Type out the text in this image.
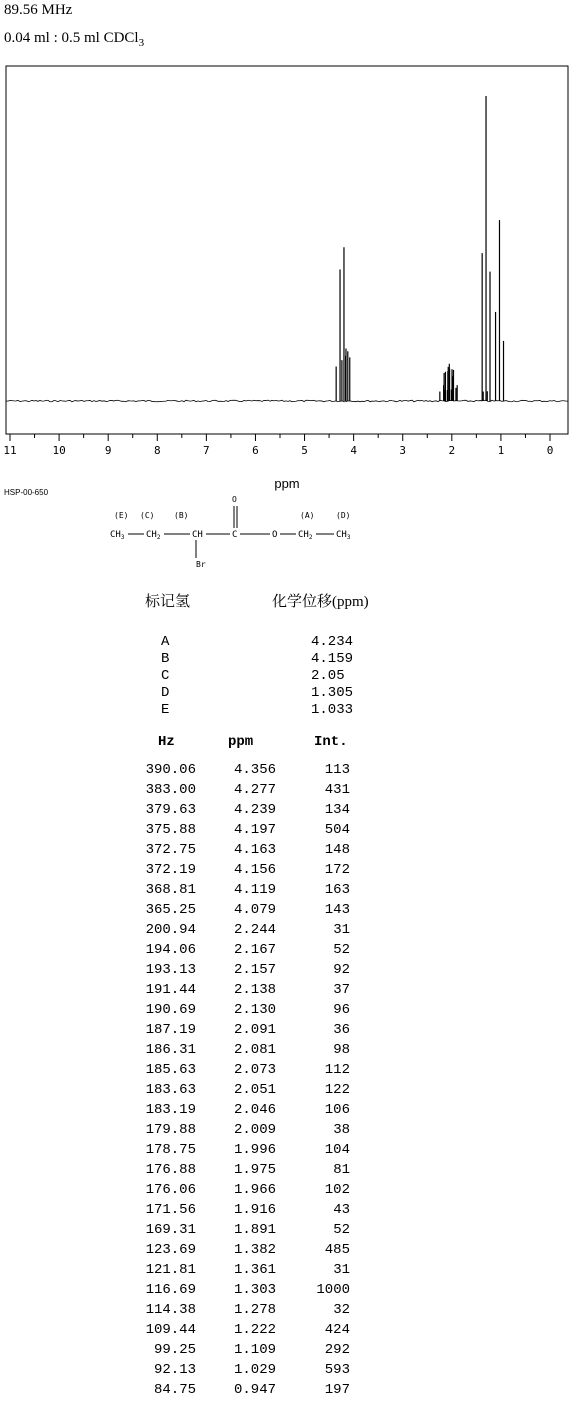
89.56 MHz
0.04 ml : 0.5 ml CDCl$_3$
11	10	9	8	7	6	5	4	3	2	1	0
ppm
HSP-00-650
(E) (C) (B)	(A)	(D)
O
Br
$CH_3$ $CH_2$	CH	C	O $CH_2$	$CH_3$
标记氢	化学位移(ppm)
A	4.234
B	4.159
C	2.05
D	1.305
E	1.033
Hz	ppm	Int.
390.06	4.356	113
383.00	4.277	431
379.63	4.239	134
375.88	4.197	504
372.75	4.163	148
372.19	4.156	172
368.81	4.119	163
365.25	4.079	143
200.94	2.244	31
194.06	2.167	52
193.13	2.157	92
191.44	2.138	37
190.69	2.130	96
187.19	2.091	36
186.31	2.081	98
185.63	2.073	112
183.63	2.051	122
183.19	2.046	106
179.88	2.009	38
178.75	1.996	104
176.88	1.975	81
176.06	1.966	102
171.56	1.916	43
169.31	1.891	52
123.69	1.382	485
121.81	1.361	31
116.69	1.303	1000
114.38	1.278	32
109.44	1.222	424
99.25	1.109	292
92.13	1.029	593
84.75	0.947	197
